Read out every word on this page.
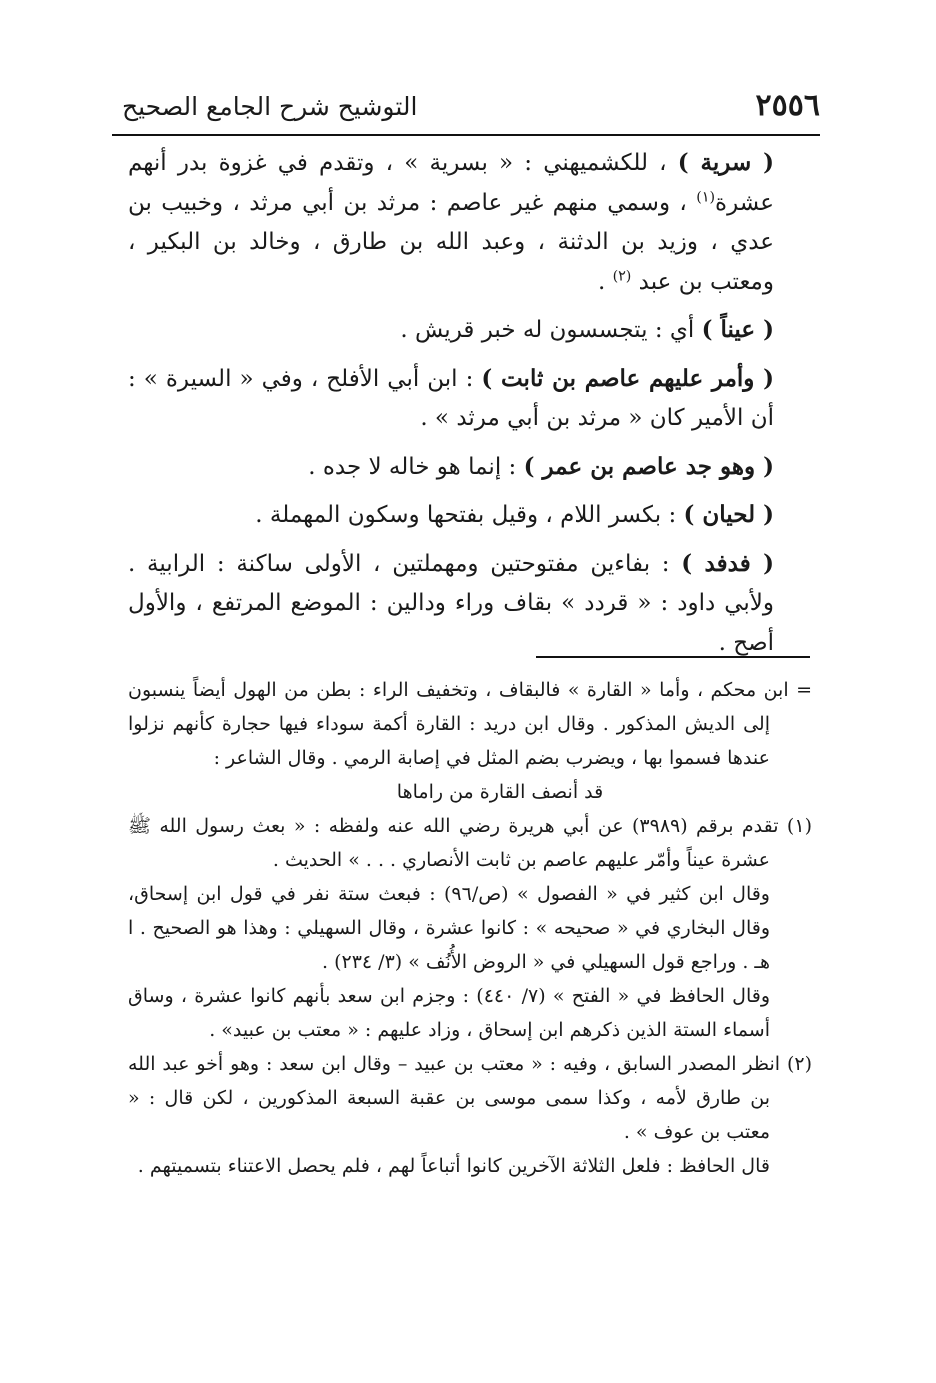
٢٥٥٦
التوشيح شرح الجامع الصحيح

( سرية ) ، للكشميهني : « بسرية » ، وتقدم في غزوة بدر أنهم عشرة$^{(١)}$ ، وسمي منهم غير عاصم : مرثد بن أبي مرثد ، وخبيب بن عدي ، وزيد بن الدثنة ، وعبد الله بن طارق ، وخالد بن البكير ، ومعتب بن عبد $^{(٢)}$ .

( عيناً ) أي : يتجسسون له خبر قريش .

( وأمر عليهم عاصم بن ثابت ) : ابن أبي الأفلح ، وفي « السيرة » : أن الأمير كان « مرثد بن أبي مرثد » .

( وهو جد عاصم بن عمر ) : إنما هو خاله لا جده .

( لحيان ) : بكسر اللام ، وقيل بفتحها وسكون المهملة .

( فدفد ) : بفاءين مفتوحتين ومهملتين ، الأولى ساكنة : الرابية . ولأبي داود : « قردد » بقاف وراء ودالين : الموضع المرتفع ، والأول أصح .

= ابن محكم ، وأما « القارة » فالبقاف ، وتخفيف الراء : بطن من الهول أيضاً ينسبون إلى الديش المذكور . وقال ابن دريد : القارة أكمة سوداء فيها حجارة كأنهم نزلوا عندها فسموا بها ، ويضرب بضم المثل في إصابة الرمي . وقال الشاعر :

قد أنصف القارة من راماها

(١) تقدم برقم (٣٩٨٩) عن أبي هريرة رضي الله عنه ولفظه : « بعث رسول الله ﷺ عشرة عيناً وأمّر عليهم عاصم بن ثابت الأنصاري . . . » الحديث .

وقال ابن كثير في « الفصول » (ص/٩٦) : فبعث ستة نفر في قول ابن إسحاق، وقال البخاري في « صحيحه » : كانوا عشرة ، وقال السهيلي : وهذا هو الصحيح . ا هـ . وراجع قول السهيلي في « الروض الأُنُف » (٣/ ٢٣٤) .

وقال الحافظ في « الفتح » (٧/ ٤٤٠) : وجزم ابن سعد بأنهم كانوا عشرة ، وساق أسماء الستة الذين ذكرهم ابن إسحاق ، وزاد عليهم : « معتب بن عبيد» .

(٢) انظر المصدر السابق ، وفيه : « معتب بن عبيد – وقال ابن سعد : وهو أخو عبد الله بن طارق لأمه ، وكذا سمى موسى بن عقبة السبعة المذكورين ، لكن قال : « معتب بن عوف » .

قال الحافظ : فلعل الثلاثة الآخرين كانوا أتباعاً لهم ، فلم يحصل الاعتناء بتسميتهم .
